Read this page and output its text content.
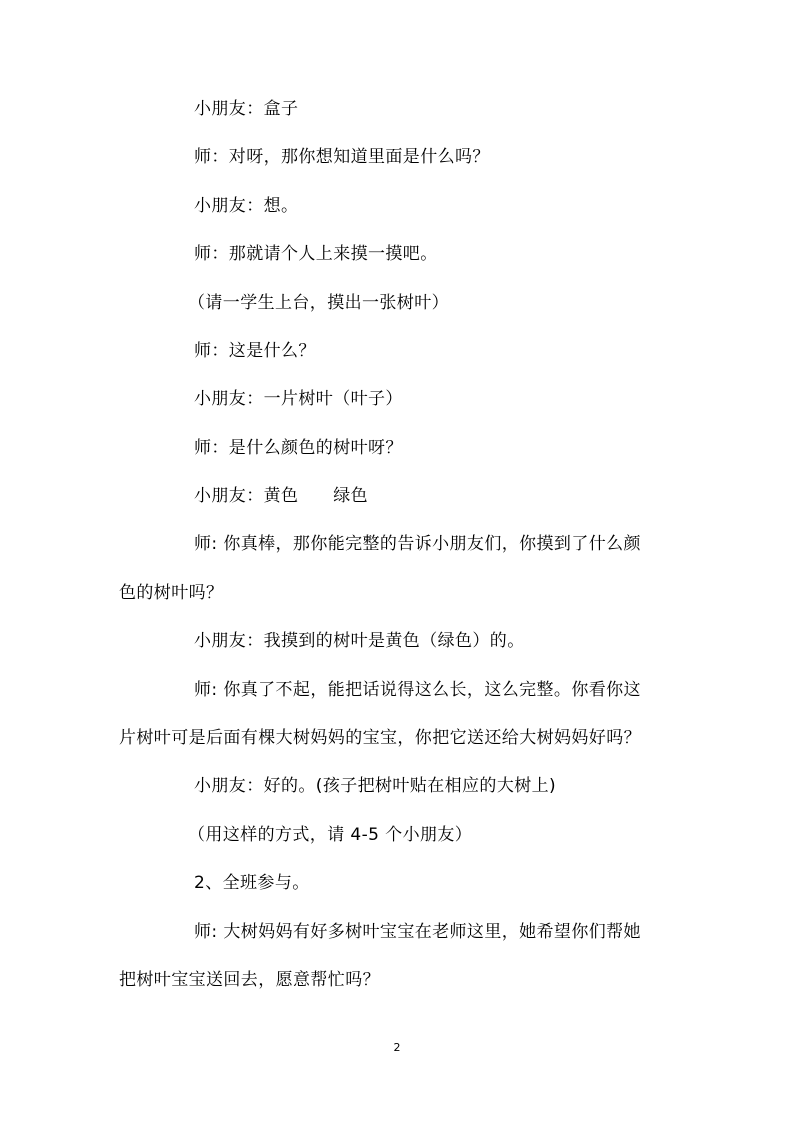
小朋友：盒子
师：对呀，那你想知道里面是什么吗？
小朋友：想。
师：那就请个人上来摸一摸吧。
（请一学生上台，摸出一张树叶）
师：这是什么？
小朋友：一片树叶（叶子）
师：是什么颜色的树叶呀？
小朋友：黄色　　绿色
师: 你真棒，那你能完整的告诉小朋友们，你摸到了什么颜
色的树叶吗？
小朋友：我摸到的树叶是黄色（绿色）的。
师: 你真了不起，能把话说得这么长，这么完整。你看你这
片树叶可是后面有棵大树妈妈的宝宝，你把它送还给大树妈妈好吗？
小朋友：好的。(孩子把树叶贴在相应的大树上)
（用这样的方式，请 4-5 个小朋友）
2、全班参与。
师: 大树妈妈有好多树叶宝宝在老师这里，她希望你们帮她
把树叶宝宝送回去，愿意帮忙吗？
2
